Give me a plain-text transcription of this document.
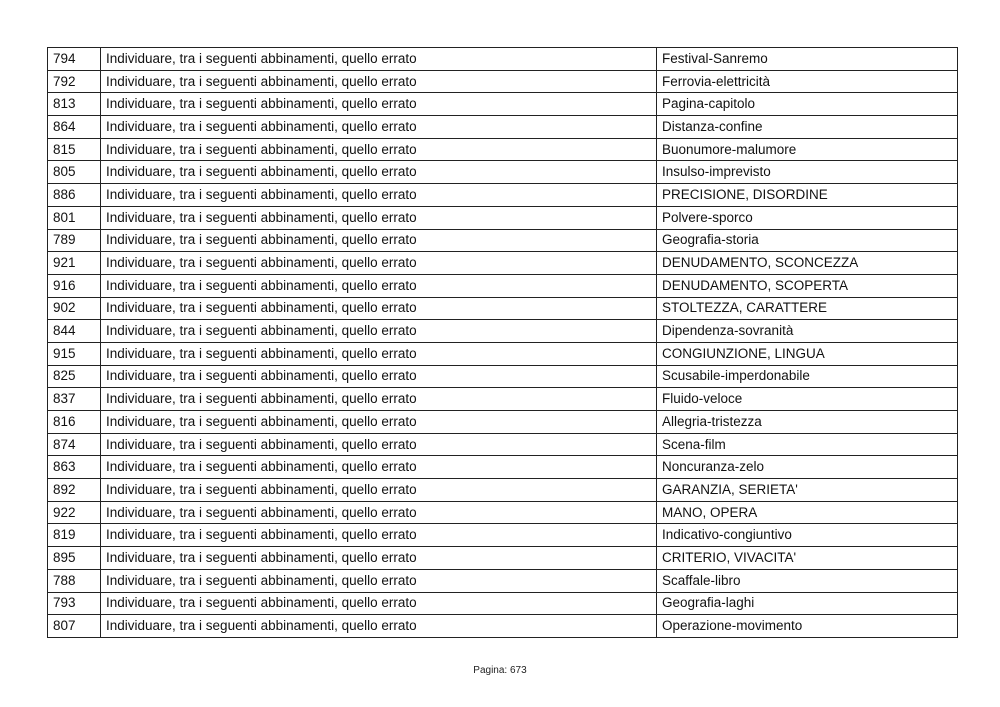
794	Individuare, tra i seguenti abbinamenti, quello errato	Festival-Sanremo
792	Individuare, tra i seguenti abbinamenti, quello errato	Ferrovia-elettricità
813	Individuare, tra i seguenti abbinamenti, quello errato	Pagina-capitolo
864	Individuare, tra i seguenti abbinamenti, quello errato	Distanza-confine
815	Individuare, tra i seguenti abbinamenti, quello errato	Buonumore-malumore
805	Individuare, tra i seguenti abbinamenti, quello errato	Insulso-imprevisto
886	Individuare, tra i seguenti abbinamenti, quello errato	PRECISIONE, DISORDINE
801	Individuare, tra i seguenti abbinamenti, quello errato	Polvere-sporco
789	Individuare, tra i seguenti abbinamenti, quello errato	Geografia-storia
921	Individuare, tra i seguenti abbinamenti, quello errato	DENUDAMENTO, SCONCEZZA
916	Individuare, tra i seguenti abbinamenti, quello errato	DENUDAMENTO, SCOPERTA
902	Individuare, tra i seguenti abbinamenti, quello errato	STOLTEZZA, CARATTERE
844	Individuare, tra i seguenti abbinamenti, quello errato	Dipendenza-sovranità
915	Individuare, tra i seguenti abbinamenti, quello errato	CONGIUNZIONE, LINGUA
825	Individuare, tra i seguenti abbinamenti, quello errato	Scusabile-imperdonabile
837	Individuare, tra i seguenti abbinamenti, quello errato	Fluido-veloce
816	Individuare, tra i seguenti abbinamenti, quello errato	Allegria-tristezza
874	Individuare, tra i seguenti abbinamenti, quello errato	Scena-film
863	Individuare, tra i seguenti abbinamenti, quello errato	Noncuranza-zelo
892	Individuare, tra i seguenti abbinamenti, quello errato	GARANZIA, SERIETA'
922	Individuare, tra i seguenti abbinamenti, quello errato	MANO, OPERA
819	Individuare, tra i seguenti abbinamenti, quello errato	Indicativo-congiuntivo
895	Individuare, tra i seguenti abbinamenti, quello errato	CRITERIO, VIVACITA'
788	Individuare, tra i seguenti abbinamenti, quello errato	Scaffale-libro
793	Individuare, tra i seguenti abbinamenti, quello errato	Geografia-laghi
807	Individuare, tra i seguenti abbinamenti, quello errato	Operazione-movimento
Pagina: 673
